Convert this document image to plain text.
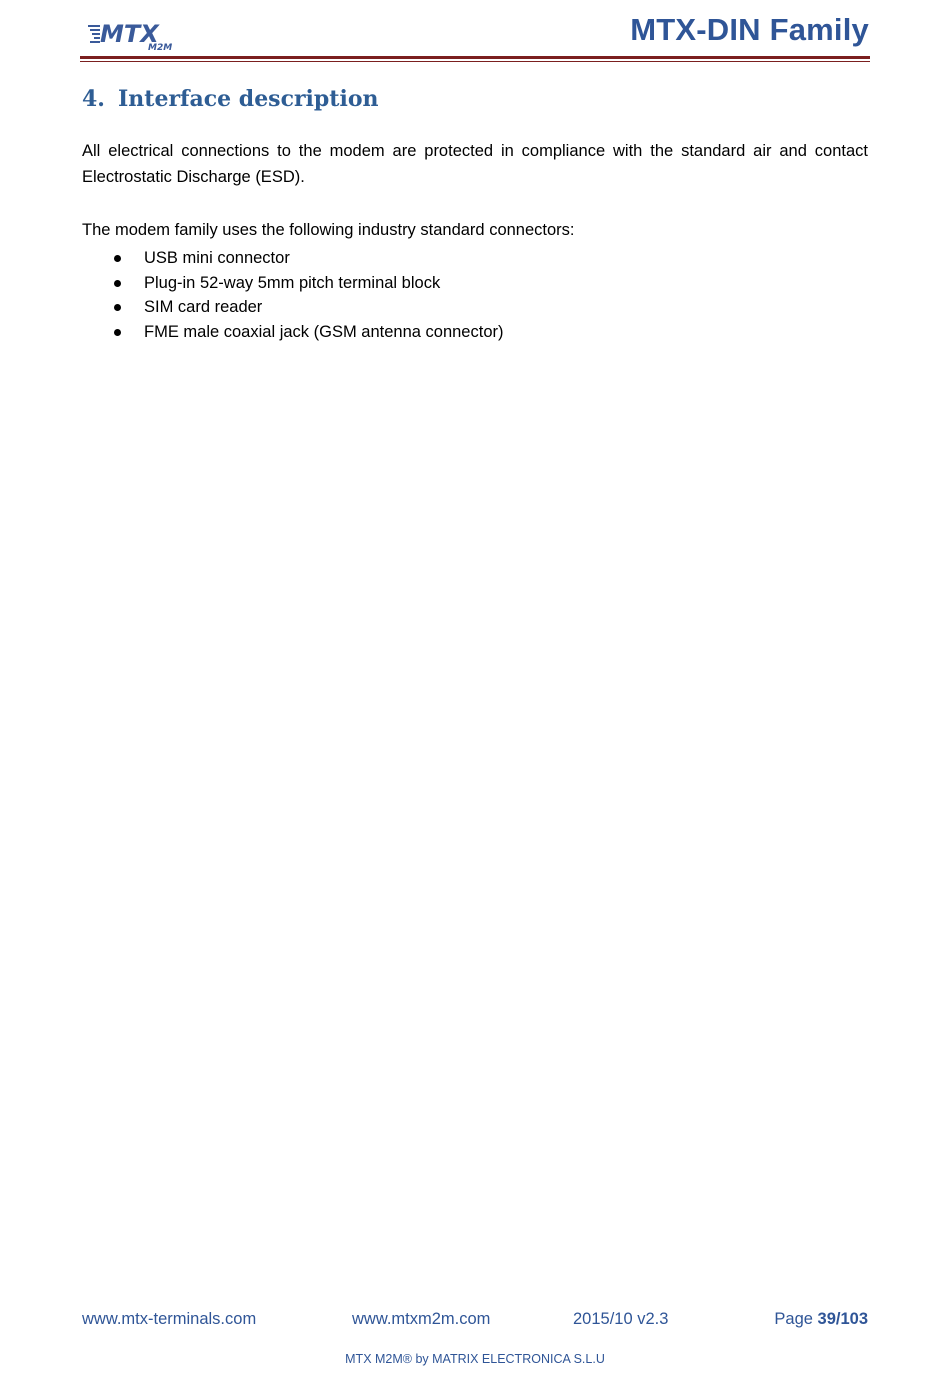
MTX
M2M
MTX-DIN Family
4. Interface description

All electrical connections to the modem are protected in compliance with the standard air and contact Electrostatic Discharge (ESD).

The modem family uses the following industry standard connectors:

USB mini connector
Plug-in 52-way 5mm pitch terminal block
SIM card reader
FME male coaxial jack (GSM antenna connector)
www.mtx-terminals.com	www.mtxm2m.com	2015/10 v2.3	Page 39/103
MTX M2M® by MATRIX ELECTRONICA S.L.U
